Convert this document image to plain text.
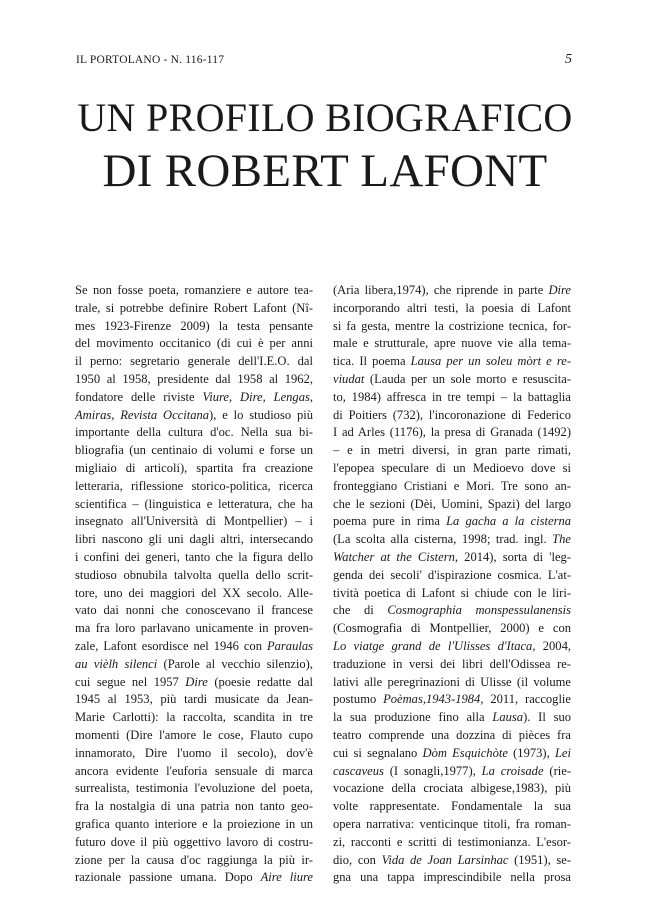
IL PORTOLANO - N. 116-117	5
UN PROFILO BIOGRAFICO
DI ROBERT LAFONT
Se non fosse poeta, romanziere e autore tea-
trale, si potrebbe definire Robert Lafont (Nî-
mes 1923-Firenze 2009) la testa pensante
del movimento occitanico (di cui è per anni
il perno: segretario generale dell'I.E.O. dal
1950 al 1958, presidente dal 1958 al 1962,
fondatore delle riviste Viure, Dire, Lengas,
Amiras, Revista Occitana), e lo studioso più
importante della cultura d'oc. Nella sua bi-
bliografia (un centinaio di volumi e forse un
migliaio di articoli), spartita fra creazione
letteraria, riflessione storico-politica, ricerca
scientifica – (linguistica e letteratura, che ha
insegnato all'Università di Montpellier) – i
libri nascono gli uni dagli altri, intersecando
i confini dei generi, tanto che la figura dello
studioso obnubila talvolta quella dello scrit-
tore, uno dei maggiori del XX secolo. Alle-
vato dai nonni che conoscevano il francese
ma fra loro parlavano unicamente in proven-
zale, Lafont esordisce nel 1946 con Paraulas
au vièlh silenci (Parole al vecchio silenzio),
cui segue nel 1957 Dire (poesie redatte dal
1945 al 1953, più tardi musicate da Jean-
Marie Carlotti): la raccolta, scandita in tre
momenti (Dire l'amore le cose, Flauto cupo
innamorato, Dire l'uomo il secolo), dov'è
ancora evidente l'euforia sensuale di marca
surrealista, testimonia l'evoluzione del poeta,
fra la nostalgia di una patria non tanto geo-
grafica quanto interiore e la proiezione in un
futuro dove il più oggettivo lavoro di costru-
zione per la causa d'oc raggiunga la più ir-
razionale passione umana. Dopo Aire liure
(Aria libera,1974), che riprende in parte Dire
incorporando altri testi, la poesia di Lafont
si fa gesta, mentre la costrizione tecnica, for-
male e strutturale, apre nuove vie alla tema-
tica. Il poema Lausa per un soleu mòrt e re-
viudat (Lauda per un sole morto e resuscita-
to, 1984) affresca in tre tempi – la battaglia
di Poitiers (732), l'incoronazione di Federico
I ad Arles (1176), la presa di Granada (1492)
– e in metri diversi, in gran parte rimati,
l'epopea speculare di un Medioevo dove si
fronteggiano Cristiani e Mori. Tre sono an-
che le sezioni (Dèi, Uomini, Spazi) del largo
poema pure in rima La gacha a la cisterna
(La scolta alla cisterna, 1998; trad. ingl. The
Watcher at the Cistern, 2014), sorta di 'leg-
genda dei secoli' d'ispirazione cosmica. L'at-
tività poetica di Lafont si chiude con le liri-
che di Cosmographia monspessulanensis
(Cosmografia di Montpellier, 2000) e con
Lo viatge grand de l'Ulisses d'Itaca, 2004,
traduzione in versi dei libri dell'Odissea re-
lativi alle peregrinazioni di Ulisse (il volume
postumo Poèmas,1943-1984, 2011, raccoglie
la sua produzione fino alla Lausa). Il suo
teatro comprende una dozzina di pièces fra
cui si segnalano Dòm Esquichòte (1973), Lei
cascaveus (I sonagli,1977), La croisade (rie-
vocazione della crociata albigese,1983), più
volte rappresentate. Fondamentale la sua
opera narrativa: venticinque titoli, fra roman-
zi, racconti e scritti di testimonianza. L'esor-
dio, con Vida de Joan Larsinhac (1951), se-
gna una tappa imprescindibile nella prosa
